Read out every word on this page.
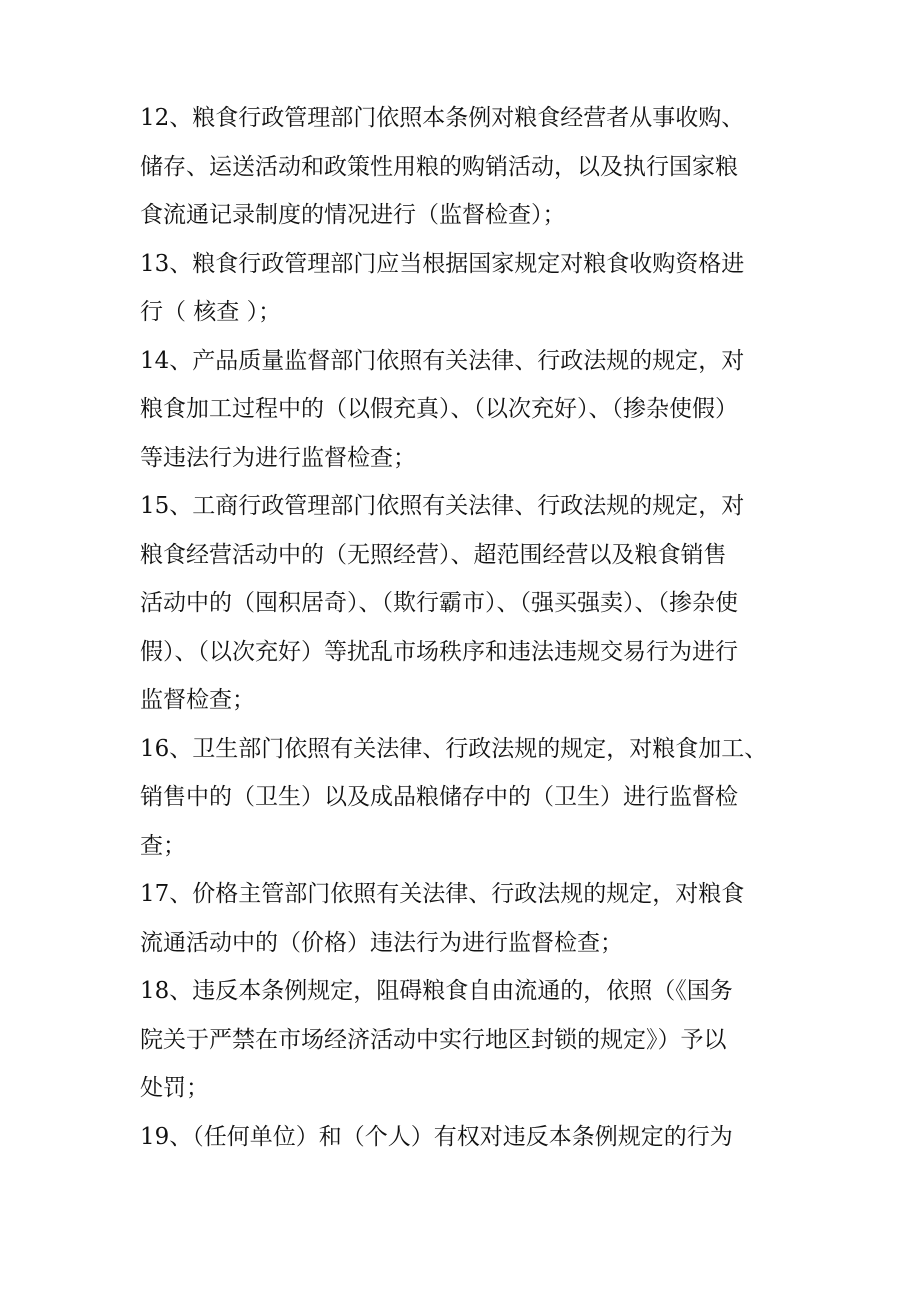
12、粮食行政管理部门依照本条例对粮食经营者从事收购、
储存、运送活动和政策性用粮的购销活动，以及执行国家粮
食流通记录制度的情况进行（监督检查）；
13、粮食行政管理部门应当根据国家规定对粮食收购资格进
行（ 核查 ）；
14、产品质量监督部门依照有关法律、行政法规的规定，对
粮食加工过程中的（以假充真）、（以次充好）、（掺杂使假）
等违法行为进行监督检查；
15、工商行政管理部门依照有关法律、行政法规的规定，对
粮食经营活动中的（无照经营）、超范围经营以及粮食销售
活动中的（囤积居奇）、（欺行霸市）、（强买强卖）、（掺杂使
假）、（以次充好）等扰乱市场秩序和违法违规交易行为进行
监督检查；
16、卫生部门依照有关法律、行政法规的规定，对粮食加工、
销售中的（卫生）以及成品粮储存中的（卫生）进行监督检
查；
17、价格主管部门依照有关法律、行政法规的规定，对粮食
流通活动中的（价格）违法行为进行监督检查；
18、违反本条例规定，阻碍粮食自由流通的，依照（《国务
院关于严禁在市场经济活动中实行地区封锁的规定》）予以
处罚；
19、（任何单位）和（个人）有权对违反本条例规定的行为
